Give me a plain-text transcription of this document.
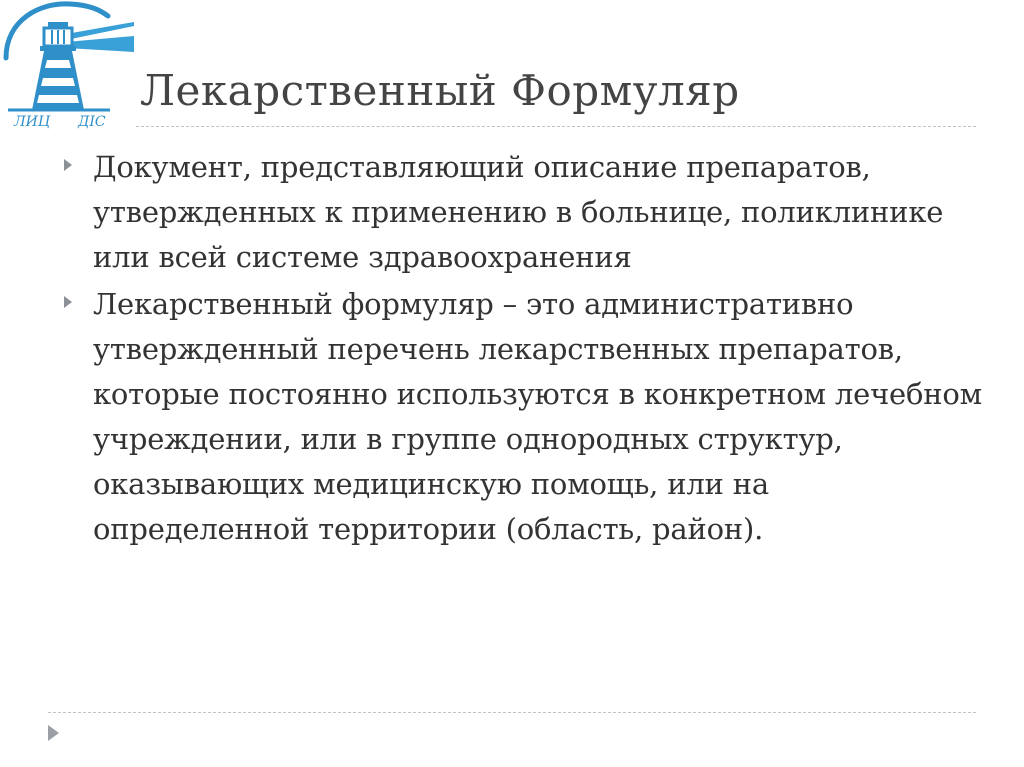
ЛИЦ ДIС
Лекарственный Формуляр
Документ, представляющий описание препаратов, утвержденных к применению в больнице, поликлинике или всей системе здравоохранения
Лекарственный формуляр – это административно утвержденный перечень лекарственных препаратов, которые постоянно используются в конкретном лечебном учреждении, или в группе однородных структур, оказывающих медицинскую помощь, или на определенной территории (область, район).
